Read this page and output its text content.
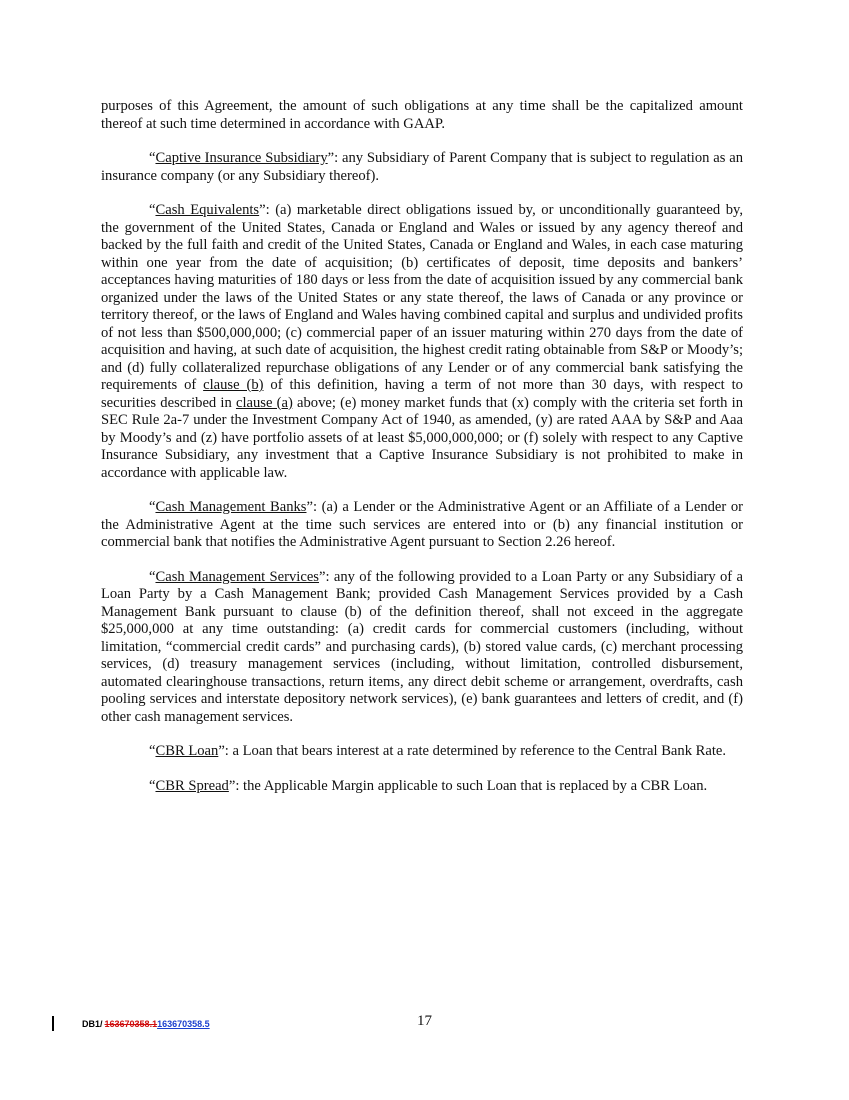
purposes of this Agreement, the amount of such obligations at any time shall be the capitalized amount thereof at such time determined in accordance with GAAP.

“Captive Insurance Subsidiary”: any Subsidiary of Parent Company that is subject to regulation as an insurance company (or any Subsidiary thereof).

“Cash Equivalents”: (a) marketable direct obligations issued by, or unconditionally guaranteed by, the government of the United States, Canada or England and Wales or issued by any agency thereof and backed by the full faith and credit of the United States, Canada or England and Wales, in each case maturing within one year from the date of acquisition; (b) certificates of deposit, time deposits and bankers’ acceptances having maturities of 180 days or less from the date of acquisition issued by any commercial bank organized under the laws of the United States or any state thereof, the laws of Canada or any province or territory thereof, or the laws of England and Wales having combined capital and surplus and undivided profits of not less than $500,000,000; (c) commercial paper of an issuer maturing within 270 days from the date of acquisition and having, at such date of acquisition, the highest credit rating obtainable from S&P or Moody’s; and (d) fully collateralized repurchase obligations of any Lender or of any commercial bank satisfying the requirements of clause (b) of this definition, having a term of not more than 30 days, with respect to securities described in clause (a) above; (e) money market funds that (x) comply with the criteria set forth in SEC Rule 2a-7 under the Investment Company Act of 1940, as amended, (y) are rated AAA by S&P and Aaa by Moody’s and (z) have portfolio assets of at least $5,000,000,000; or (f) solely with respect to any Captive Insurance Subsidiary, any investment that a Captive Insurance Subsidiary is not prohibited to make in accordance with applicable law.

“Cash Management Banks”: (a) a Lender or the Administrative Agent or an Affiliate of a Lender or the Administrative Agent at the time such services are entered into or (b) any financial institution or commercial bank that notifies the Administrative Agent pursuant to Section 2.26 hereof.

“Cash Management Services”: any of the following provided to a Loan Party or any Subsidiary of a Loan Party by a Cash Management Bank; provided Cash Management Services provided by a Cash Management Bank pursuant to clause (b) of the definition thereof, shall not exceed in the aggregate $25,000,000 at any time outstanding: (a) credit cards for commercial customers (including, without limitation, “commercial credit cards” and purchasing cards), (b) stored value cards, (c) merchant processing services, (d) treasury management services (including, without limitation, controlled disbursement, automated clearinghouse transactions, return items, any direct debit scheme or arrangement, overdrafts, cash pooling services and interstate depository network services), (e) bank guarantees and letters of credit, and (f) other cash management services.

“CBR Loan”: a Loan that bears interest at a rate determined by reference to the Central Bank Rate.

“CBR Spread”: the Applicable Margin applicable to such Loan that is replaced by a CBR Loan.

17
DB1/ 163670358.1 163670358.5
